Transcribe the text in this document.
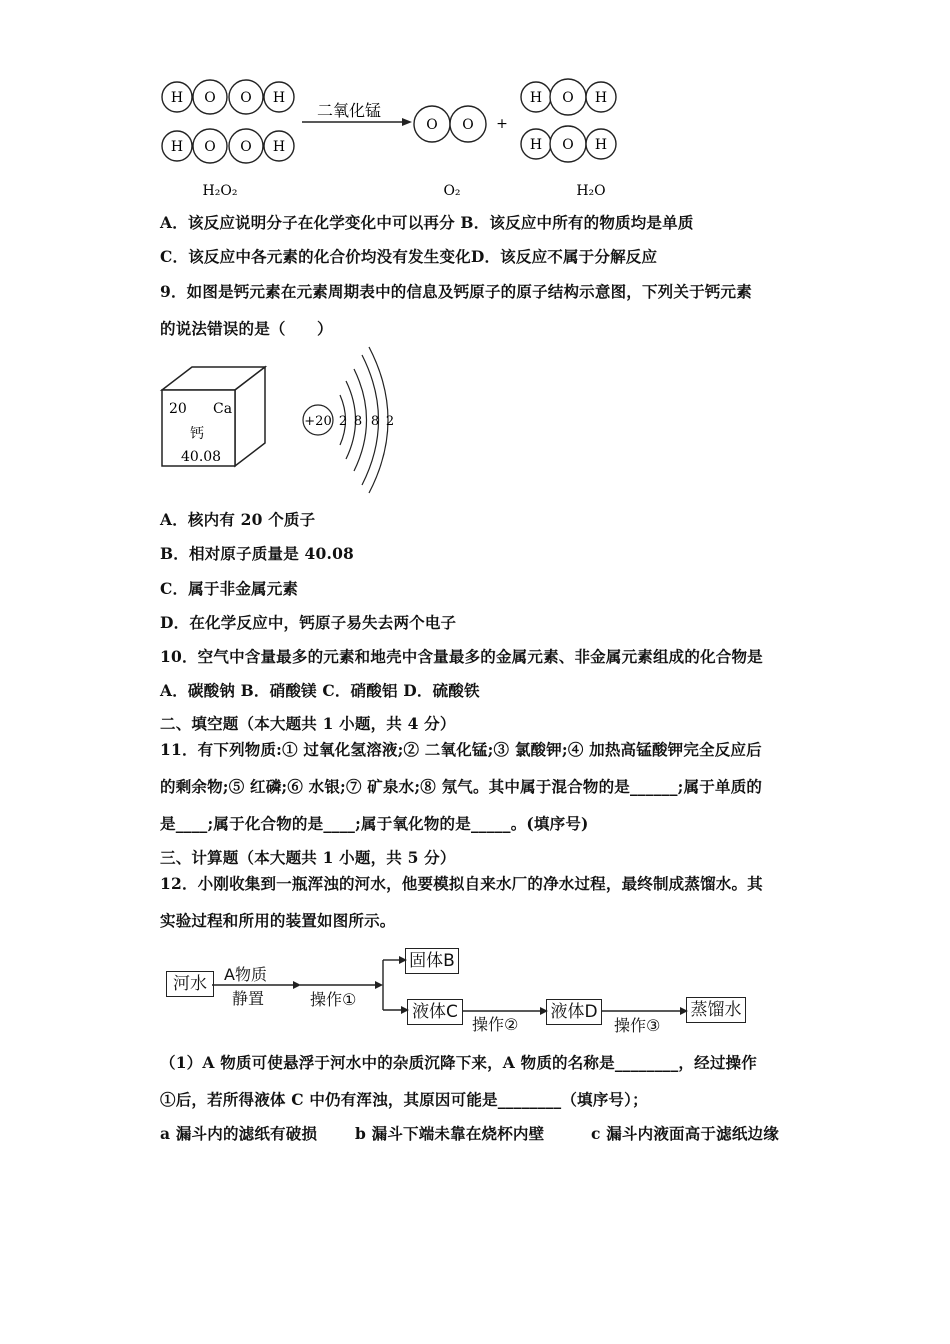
H O O H
H O O H
二氧化锰
O O +
H O H
H O H
H₂O₂	O₂	H₂O
A．该反应说明分子在化学变化中可以再分 B．该反应中所有的物质均是单质
C．该反应中各元素的化合价均没有发生变化D．该反应不属于分解反应
9．如图是钙元素在元素周期表中的信息及钙原子的原子结构示意图，下列关于钙元素
的说法错误的是（　　）
20 Ca
钙
40.08
+20 2 8 8 2
A．核内有 20 个质子
B．相对原子质量是 40.08
C．属于非金属元素
D．在化学反应中，钙原子易失去两个电子
10．空气中含量最多的元素和地壳中含量最多的金属元素、非金属元素组成的化合物是
A．碳酸钠 B．硝酸镁 C．硝酸铝 D．硫酸铁
二、填空题（本大题共 1 小题，共 4 分）
11．有下列物质:① 过氧化氢溶液;② 二氧化锰;③ 氯酸钾;④ 加热高锰酸钾完全反应后
的剩余物;⑤ 红磷;⑥ 水银;⑦ 矿泉水;⑧ 氖气。其中属于混合物的是______;属于单质的
是____;属于化合物的是____;属于氧化物的是_____。(填序号)
三、计算题（本大题共 1 小题，共 5 分）
12．小刚收集到一瓶浑浊的河水，他要模拟自来水厂的净水过程，最终制成蒸馏水。其
实验过程和所用的装置如图所示。
河水	A物质
静置	操作①
固体B
液体C
操作②
液体D
操作③
蒸馏水
（1）A 物质可使悬浮于河水中的杂质沉降下来，A 物质的名称是________，经过操作
①后，若所得液体 C 中仍有浑浊，其原因可能是________（填序号）；
a 漏斗内的滤纸有破损 b 漏斗下端未靠在烧杯内壁	c 漏斗内液面高于滤纸边缘
